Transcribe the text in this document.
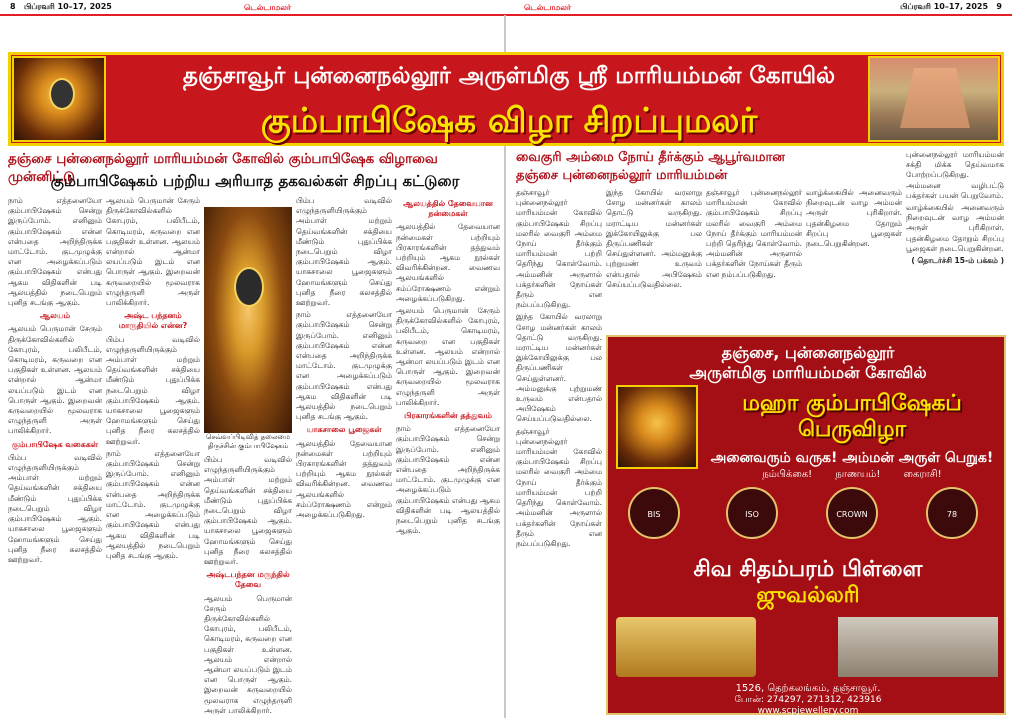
8 பிப்ரவரி 10–17, 2025	டெல்டா‌மலர்	டெல்டா‌மலர்	பிப்ரவரி 10–17, 2025 9
தஞ்சாவூர் புன்னைநல்லூர் அருள்மிகு ஸ்ரீ மாரியம்மன் கோயில்
கும்பாபிஷேக விழா சிறப்புமலர்
தஞ்சை புன்னைநல்லூர் மாரியம்மன் கோவில் கும்பாபிஷேக விழாவை முன்னிட்டு
கும்பாபிஷேகம் பற்றிய அரியாத தகவல்கள் சிறப்பு கட்டுரை
நாம் எத்தனையோ கும்பாபிஷேகம் சென்று இருப்போம். எனினும் கும்பாபிஷேகம் என்ன என்பதை அறிந்திருக்க மாட்டோம். குடமுழுக்கு என அழைக்கப்படும் கும்பாபிஷேகம் என்பது ஆகம விதிகளின் படி ஆலயத்தில் நடைபெறும் புனித சடங்கு ஆகும்.
ஆலயம்
ஆலயம் பெருமான் சேரும் திருக்கோவில்களில் கோபுரம், பலிபீடம், கொடிமரம், கருவறை என பகுதிகள் உள்ளன. ஆலயம் என்றால் ஆன்மா லயப்படும் இடம் என பொருள் ஆகும். இறைவன் கருவறையில் மூலவராக எழுந்தருளி அருள் பாலிக்கிறார்.
கும்பாபிஷேக வகைகள்
பிம்ப வடிவில் எழுந்தருளியிருக்கும் அம்பாள் மற்றும் தெய்வங்களின் சக்தியை மீண்டும் புதுப்பிக்க நடைபெறும் விழா கும்பாபிஷேகம் ஆகும். யாகசாலை பூஜைகளும் ஹோமங்களும் செய்து புனித நீரை கலசத்தில் ஊற்றுவர்.
ஆலயம் பெருமான் சேரும் திருக்கோவில்களில் கோபுரம், பலிபீடம், கொடிமரம், கருவறை என பகுதிகள் உள்ளன. ஆலயம் என்றால் ஆன்மா லயப்படும் இடம் என பொருள் ஆகும். இறைவன் கருவறையில் மூலவராக எழுந்தருளி அருள் பாலிக்கிறார்.
அஷ்ட பந்தனம் மாருதியில் என்ன?
பிம்ப வடிவில் எழுந்தருளியிருக்கும் அம்பாள் மற்றும் தெய்வங்களின் சக்தியை மீண்டும் புதுப்பிக்க நடைபெறும் விழா கும்பாபிஷேகம் ஆகும். யாகசாலை பூஜைகளும் ஹோமங்களும் செய்து புனித நீரை கலசத்தில் ஊற்றுவர்.
நாம் எத்தனையோ கும்பாபிஷேகம் சென்று இருப்போம். எனினும் கும்பாபிஷேகம் என்ன என்பதை அறிந்திருக்க மாட்டோம். குடமுழுக்கு என அழைக்கப்படும் கும்பாபிஷேகம் என்பது ஆகம விதிகளின் படி ஆலயத்தில் நடைபெறும் புனித சடங்கு ஆகும்.
செவ்வப்பிடிவித் தலைமை திருச்சின் கும்பாபிஷேகம்
பிம்ப வடிவில் எழுந்தருளியிருக்கும் அம்பாள் மற்றும் தெய்வங்களின் சக்தியை மீண்டும் புதுப்பிக்க நடைபெறும் விழா கும்பாபிஷேகம் ஆகும். யாகசாலை பூஜைகளும் ஹோமங்களும் செய்து புனித நீரை கலசத்தில் ஊற்றுவர்.
அஷ்டபந்தன மருந்தில் தேவை
ஆலயம் பெருமான் சேரும் திருக்கோவில்களில் கோபுரம், பலிபீடம், கொடிமரம், கருவறை என பகுதிகள் உள்ளன. ஆலயம் என்றால் ஆன்மா லயப்படும் இடம் என பொருள் ஆகும். இறைவன் கருவறையில் மூலவராக எழுந்தருளி அருள் பாலிக்கிறார்.
பிம்ப வடிவில் எழுந்தருளியிருக்கும் அம்பாள் மற்றும் தெய்வங்களின் சக்தியை மீண்டும் புதுப்பிக்க நடைபெறும் விழா கும்பாபிஷேகம் ஆகும். யாகசாலை பூஜைகளும் ஹோமங்களும் செய்து புனித நீரை கலசத்தில் ஊற்றுவர்.
நாம் எத்தனையோ கும்பாபிஷேகம் சென்று இருப்போம். எனினும் கும்பாபிஷேகம் என்ன என்பதை அறிந்திருக்க மாட்டோம். குடமுழுக்கு என அழைக்கப்படும் கும்பாபிஷேகம் என்பது ஆகம விதிகளின் படி ஆலயத்தில் நடைபெறும் புனித சடங்கு ஆகும்.
யாகசாலை பூஜைகள்
ஆலயத்தில் தேவையான நன்மைகள் பற்றியும் பிரகாரங்களின் தத்துவம் பற்றியும் ஆகம நூல்கள் விவரிக்கின்றன. வைணவ ஆலயங்களில் சம்ப்ரோக்ஷணம் என்றும் அழைக்கப்படுகிறது.
ஆலயத்தில் தேவையான நன்மைகள்
ஆலயத்தில் தேவையான நன்மைகள் பற்றியும் பிரகாரங்களின் தத்துவம் பற்றியும் ஆகம நூல்கள் விவரிக்கின்றன. வைணவ ஆலயங்களில் சம்ப்ரோக்ஷணம் என்றும் அழைக்கப்படுகிறது.
ஆலயம் பெருமான் சேரும் திருக்கோவில்களில் கோபுரம், பலிபீடம், கொடிமரம், கருவறை என பகுதிகள் உள்ளன. ஆலயம் என்றால் ஆன்மா லயப்படும் இடம் என பொருள் ஆகும். இறைவன் கருவறையில் மூலவராக எழுந்தருளி அருள் பாலிக்கிறார்.
பிரகாரங்களின் தத்துவம்
நாம் எத்தனையோ கும்பாபிஷேகம் சென்று இருப்போம். எனினும் கும்பாபிஷேகம் என்ன என்பதை அறிந்திருக்க மாட்டோம். குடமுழுக்கு என அழைக்கப்படும் கும்பாபிஷேகம் என்பது ஆகம விதிகளின் படி ஆலயத்தில் நடைபெறும் புனித சடங்கு ஆகும்.
வைகுரி அம்மை நோய் தீர்க்கும் ஆபூர்வமான
தஞ்சை புன்னைநல்லூர் மாரியம்மன்
தஞ்சாவூர் புன்னைநல்லூர் மாரியம்மன் கோவில் கும்பாபிஷேகம் சிறப்பு மலரில் வைகுரி அம்மை நோய் தீர்க்கும் மாரியம்மன் பற்றி தெரிந்து கொள்வோம். அம்மனின் அருளால் பக்தர்களின் நோய்கள் தீரும் என நம்பப்படுகிறது.
இந்த கோயில் வரலாறு சோழ மன்னர்கள் காலம் தொட்டு வருகிறது. மராட்டிய மன்னர்கள் இக்கோயிலுக்கு பல திருப்பணிகள் செய்துள்ளனர். அம்மனுக்கு புற்றுமண் உருவம் என்பதால் அபிஷேகம் செய்யப்படுவதில்லை.
தஞ்சாவூர் புன்னைநல்லூர் மாரியம்மன் கோவில் கும்பாபிஷேகம் சிறப்பு மலரில் வைகுரி அம்மை நோய் தீர்க்கும் மாரியம்மன் பற்றி தெரிந்து கொள்வோம். அம்மனின் அருளால் பக்தர்களின் நோய்கள் தீரும் என நம்பப்படுகிறது.
இந்த கோயில் வரலாறு சோழ மன்னர்கள் காலம் தொட்டு வருகிறது. மராட்டிய மன்னர்கள் இக்கோயிலுக்கு பல திருப்பணிகள் செய்துள்ளனர். அம்மனுக்கு புற்றுமண் உருவம் என்பதால் அபிஷேகம் செய்யப்படுவதில்லை.
தஞ்சாவூர் புன்னைநல்லூர் மாரியம்மன் கோவில் கும்பாபிஷேகம் சிறப்பு மலரில் வைகுரி அம்மை நோய் தீர்க்கும் மாரியம்மன் பற்றி தெரிந்து கொள்வோம். அம்மனின் அருளால் பக்தர்களின் நோய்கள் தீரும் என நம்பப்படுகிறது.
வாழ்க்கையில் அனைவரும் நிறைவுடன் வாழ அம்மன் அருள் புரிகிறாள். புதன்கிழமை தோறும் சிறப்பு பூஜைகள் நடைபெறுகின்றன.
புன்னைநல்லூர் மாரியம்மன் சக்தி மிக்க தெய்வமாக போற்றப்படுகிறது. அம்மனை வழிபட்டு பக்தர்கள் பயன் பெறுவோம்.
வாழ்க்கையில் அனைவரும் நிறைவுடன் வாழ அம்மன் அருள் புரிகிறாள். புதன்கிழமை தோறும் சிறப்பு பூஜைகள் நடைபெறுகின்றன.
( தொடர்ச்சி 15-ம் பக்கம் )
தஞ்சை, புன்னைநல்லூர்
அருள்மிகு மாரியம்மன் கோவில்
மஹா கும்பாபிஷேகப்
பெருவிழா
அனைவரும் வருக! அம்மன் அருள் பெறுக!
நம்பிக்கை! நாணயம்! கைராசி!
BIS	ISO	CROWN	78
சிவ சிதம்பரம் பிள்ளை
ஜுவல்லரி
1526, தெற்கலங்கம், தஞ்சாவூர்.
போன்: 274297, 271312, 423916
www.scpjewellery.com
